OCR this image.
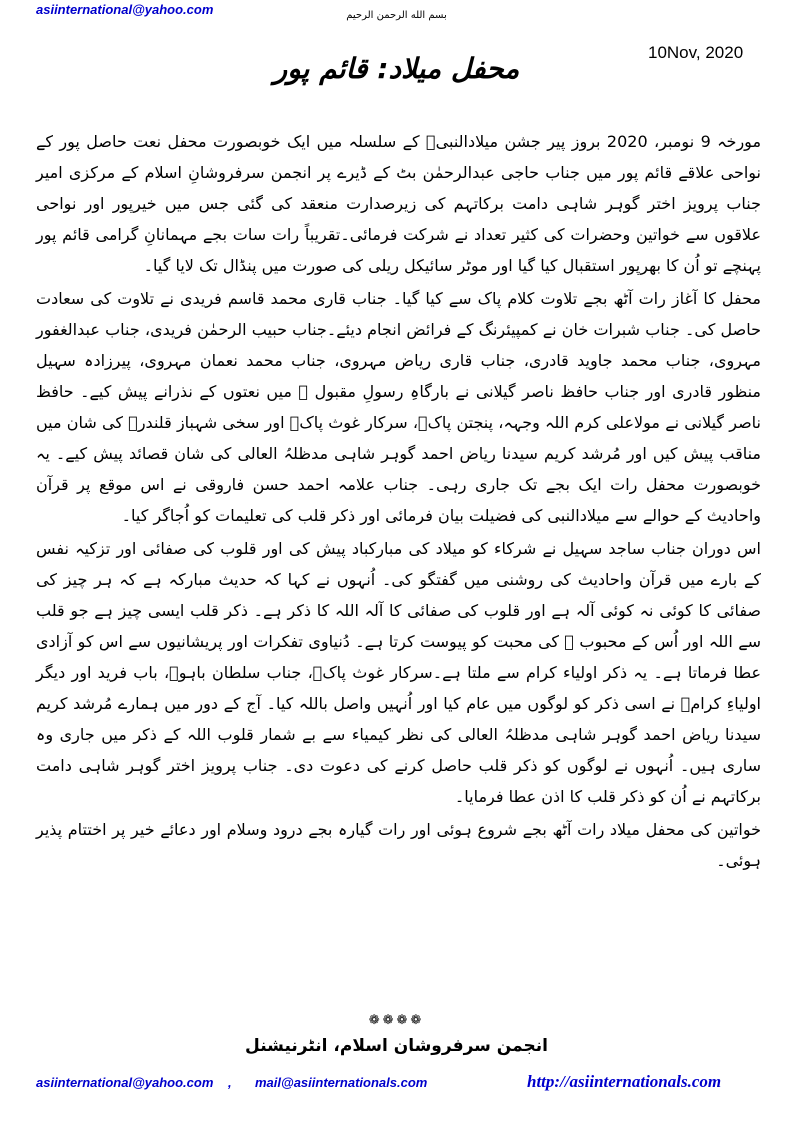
asiinternational@yahoo.com	بسم الله الرحمن الرحیم
10Nov, 2020
محفل میلاد: قائم پور

مورخہ 9 نومبر، 2020 بروز پیر جشن میلادالنبیؐ کے سلسلہ میں ایک خوبصورت محفل نعت حاصل پور کے نواحی علاقے قائم پور میں جناب حاجی عبدالرحمٰن بٹ کے ڈیرے پر انجمن سرفروشانِ اسلام کے مرکزی امیر جناب پرویز اختر گوہر شاہی دامت برکاتہم کی زیرصدارت منعقد کی گئی جس میں خیرپور اور نواحی علاقوں سے خواتین وحضرات کی کثیر تعداد نے شرکت فرمائی۔تقریباً رات سات بجے مہمانانِ گرامی قائم پور پہنچے تو اُن کا بھرپور استقبال کیا گیا اور موٹر سائیکل ریلی کی صورت میں پنڈال تک لایا گیا۔

محفل کا آغاز رات آٹھ بجے تلاوت کلام پاک سے کیا گیا۔ جناب قاری محمد قاسم فریدی نے تلاوت کی سعادت حاصل کی۔ جناب شبرات خان نے کمپیئرنگ کے فرائض انجام دیئے۔جناب حبیب الرحمٰن فریدی، جناب عبدالغفور مہروی، جناب محمد جاوید قادری، جناب قاری ریاض مہروی، جناب محمد نعمان مہروی، پیرزادہ سہیل منظور قادری اور جناب حافظ ناصر گیلانی نے بارگاہِ رسولِ مقبول ﷺ میں نعتوں کے نذرانے پیش کیے۔ حافظ ناصر گیلانی نے مولاعلی کرم اللہ وجہہ، پنجتن پاکؑ، سرکار غوث پاکؓ اور سخی شہباز قلندرؒ کی شان میں مناقب پیش کیں اور مُرشد کریم سیدنا ریاض احمد گوہر شاہی مدظلہُ العالی کی شان قصائد پیش کیے۔ یہ خوبصورت محفل رات ایک بجے تک جاری رہی۔ جناب علامہ احمد حسن فاروقی نے اس موقع پر قرآن واحادیث کے حوالے سے میلادالنبی کی فضیلت بیان فرمائی اور ذکر قلب کی تعلیمات کو اُجاگر کیا۔

اس دوران جناب ساجد سہیل نے شرکاء کو میلاد کی مبارکباد پیش کی اور قلوب کی صفائی اور تزکیہ نفس کے بارے میں قرآن واحادیث کی روشنی میں گفتگو کی۔ اُنہوں نے کہا کہ حدیث مبارکہ ہے کہ ہر چیز کی صفائی کا کوئی نہ کوئی آلہ ہے اور قلوب کی صفائی کا آلہ اللہ کا ذکر ہے۔ ذکر قلب ایسی چیز ہے جو قلب سے اللہ اور اُس کے محبوب ﷺ کی محبت کو پیوست کرتا ہے۔ دُنیاوی تفکرات اور پریشانیوں سے اس کو آزادی عطا فرماتا ہے۔ یہ ذکر اولیاء کرام سے ملتا ہے۔سرکار غوث پاکؓ، جناب سلطان باہوؒ، باب فرید اور دیگر اولیاءِ کرامؒ نے اسی ذکر کو لوگوں میں عام کیا اور اُنہیں واصل باللہ کیا۔ آج کے دور میں ہمارے مُرشد کریم سیدنا ریاض احمد گوہر شاہی مدظلہُ العالی کی نظر کیمیاء سے بے شمار قلوب اللہ کے ذکر میں جاری وہ ساری ہیں۔ اُنہوں نے لوگوں کو ذکر قلب حاصل کرنے کی دعوت دی۔ جناب پرویز اختر گوہر شاہی دامت برکاتہم نے اُن کو ذکر قلب کا اذن عطا فرمایا۔

خواتین کی محفل میلاد رات آٹھ بجے شروع ہوئی اور رات گیارہ بجے درود وسلام اور دعائے خیر پر اختتام پذیر ہوئی۔

❁❁❁❁
انجمن سرفروشان اسلام، انٹرنیشنل
asiinternational@yahoo.com , mail@asiinternationals.com	http://asiinternationals.com
